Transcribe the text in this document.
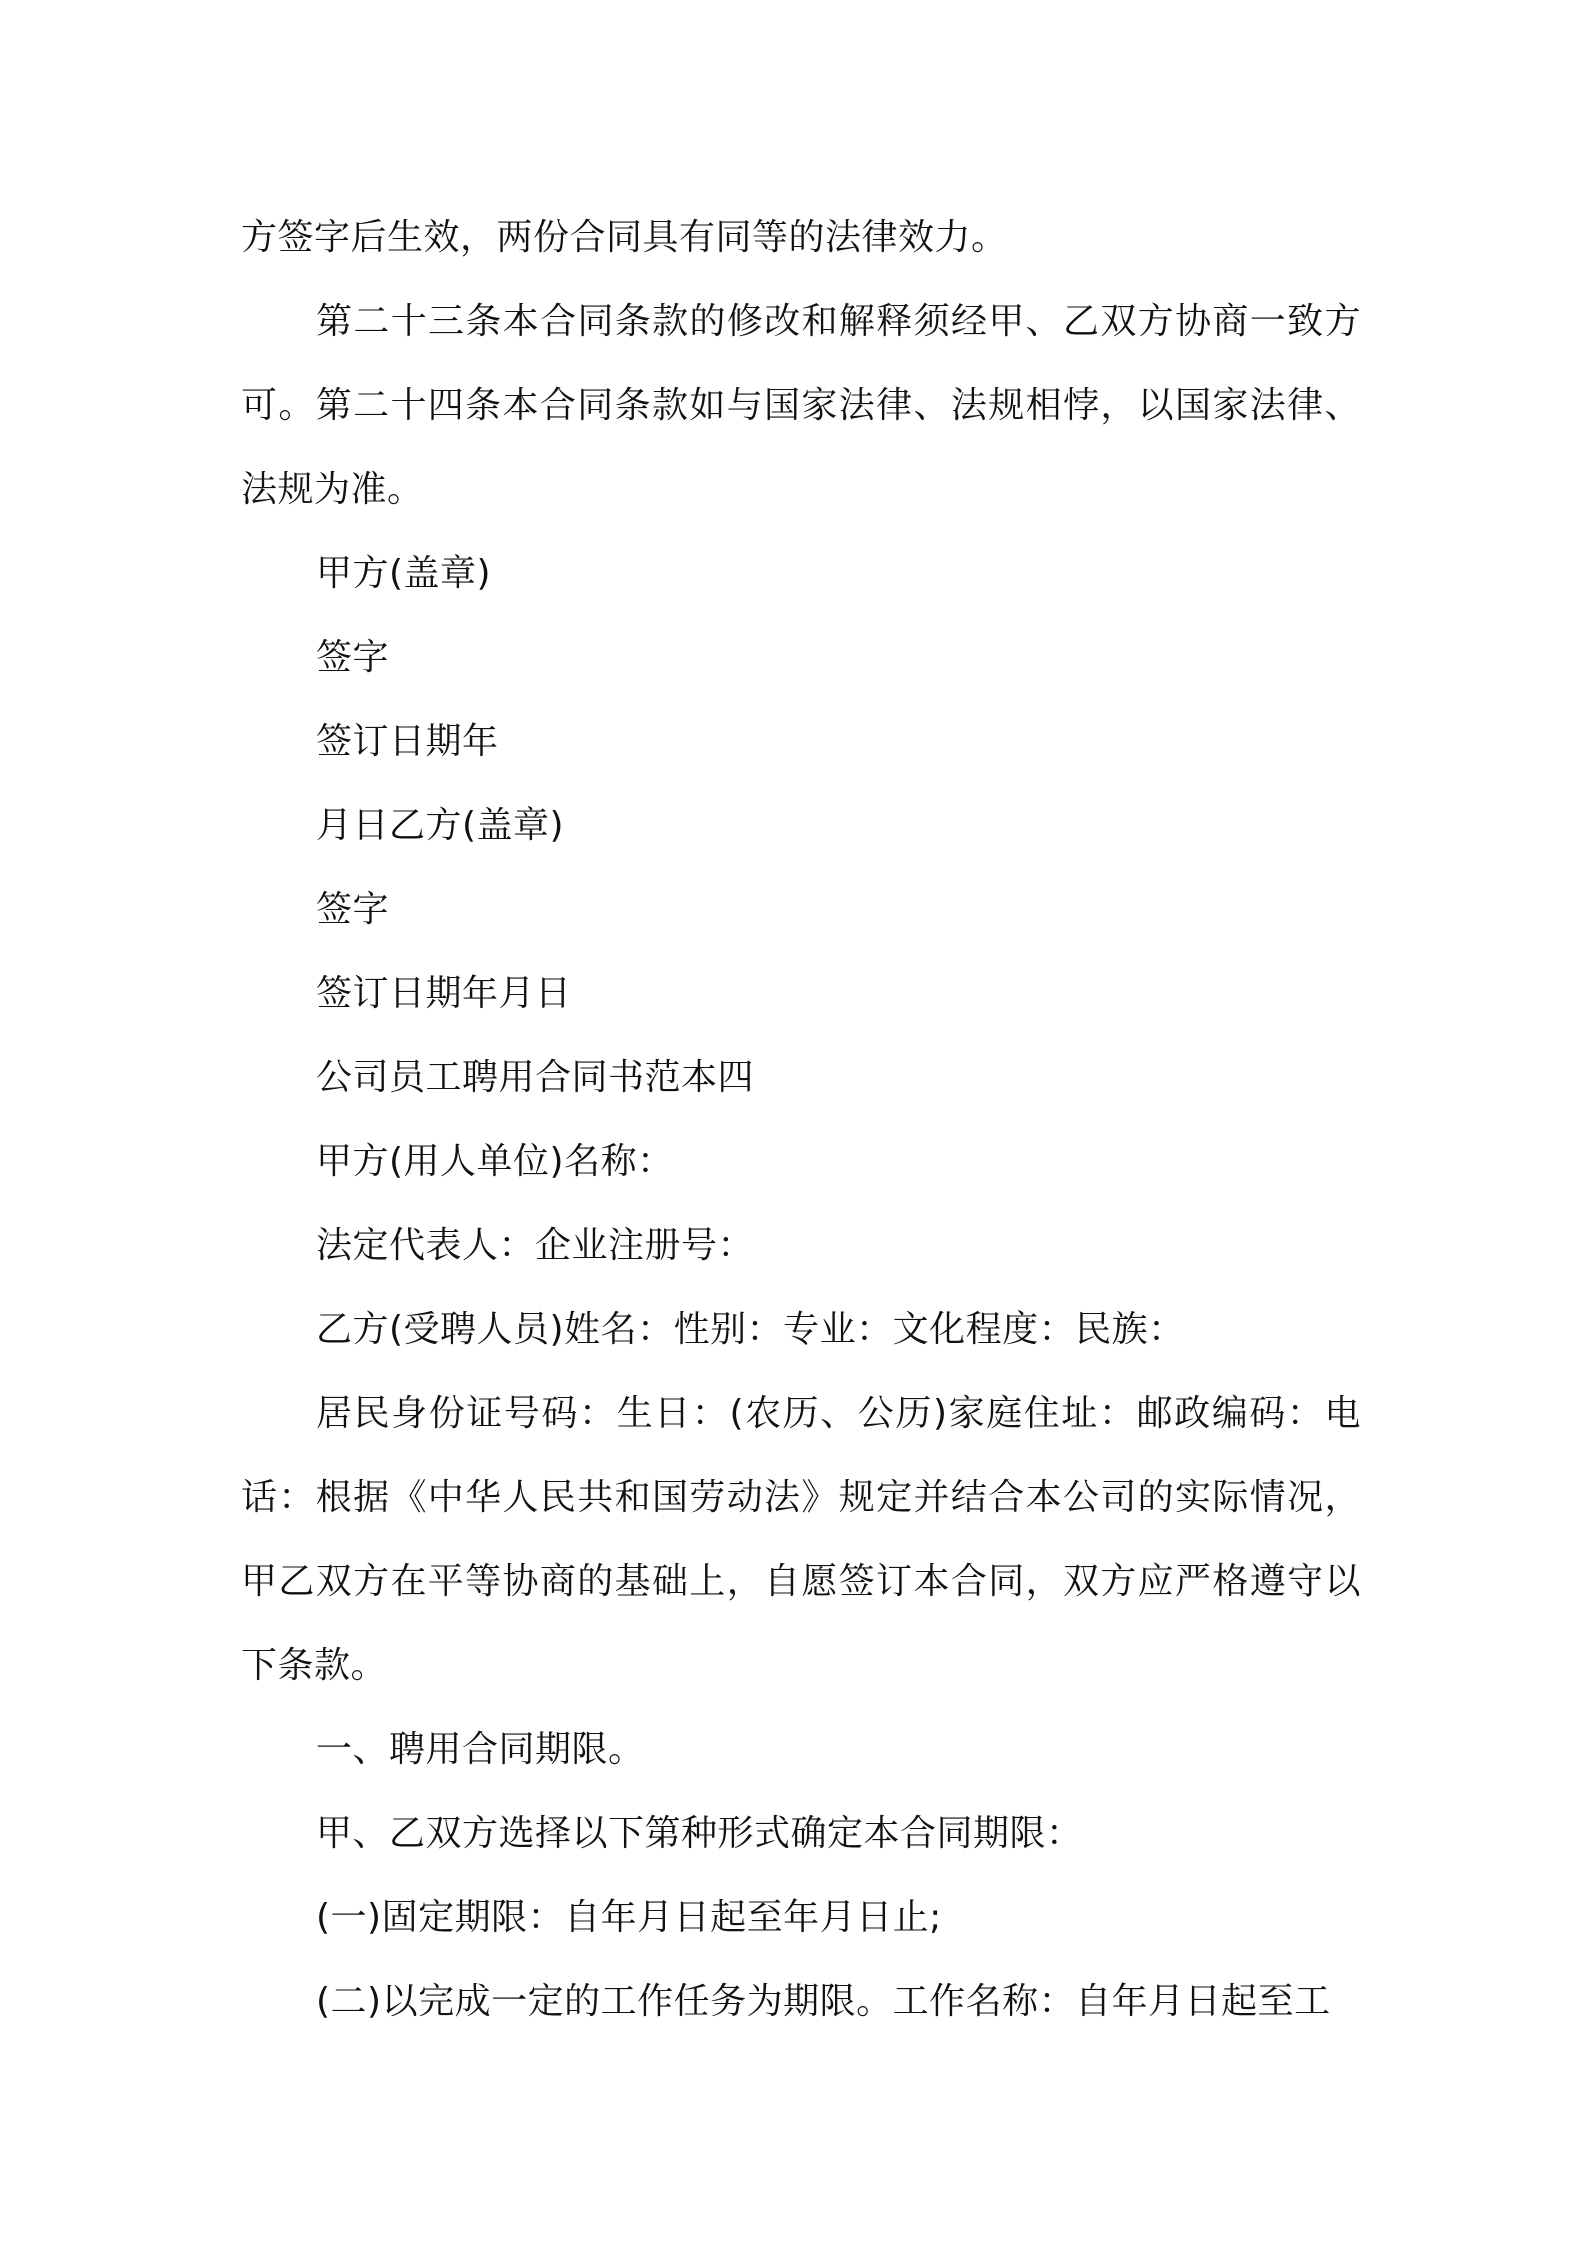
方签字后生效，两份合同具有同等的法律效力。

第二十三条本合同条款的修改和解释须经甲、乙双方协商一致方可。第二十四条本合同条款如与国家法律、法规相悖，以国家法律、法规为准。

甲方(盖章)

签字

签订日期年

月日乙方(盖章)

签字

签订日期年月日

公司员工聘用合同书范本四

甲方(用人单位)名称：

法定代表人：企业注册号：

乙方(受聘人员)姓名：性别：专业：文化程度：民族：

居民身份证号码：生日：(农历、公历)家庭住址：邮政编码：电话：根据《中华人民共和国劳动法》规定并结合本公司的实际情况，甲乙双方在平等协商的基础上，自愿签订本合同，双方应严格遵守以下条款。

一、聘用合同期限。

甲、乙双方选择以下第种形式确定本合同期限：

(一)固定期限：自年月日起至年月日止;

(二)以完成一定的工作任务为期限。工作名称：自年月日起至工
